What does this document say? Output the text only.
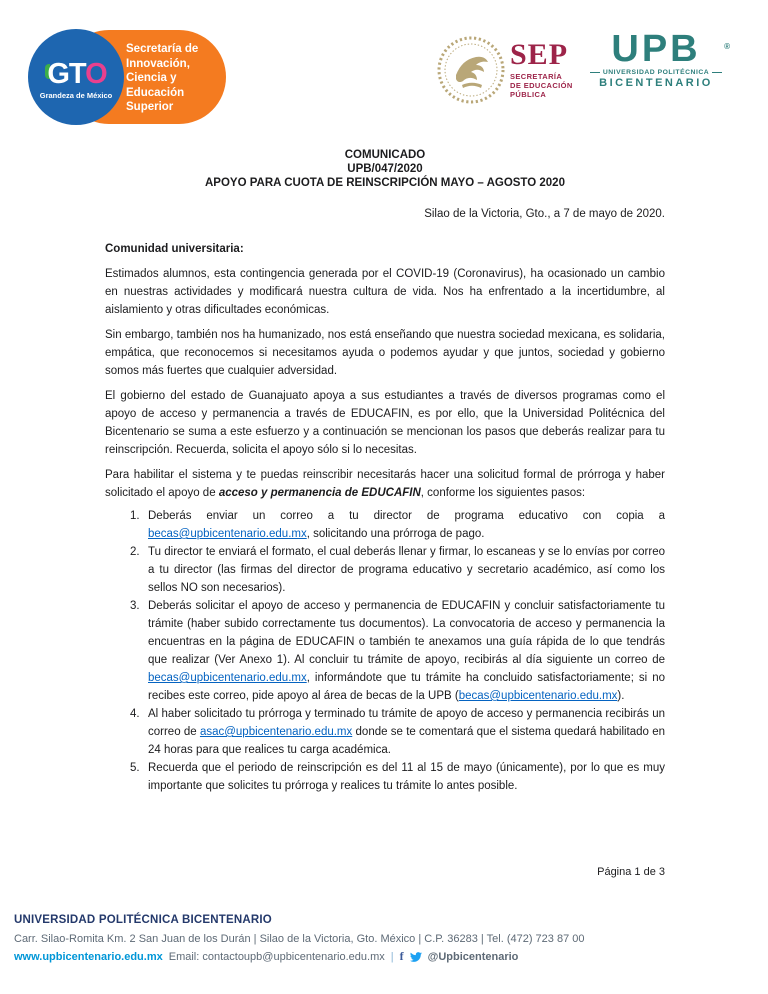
Secretaría de Innovación, Ciencia y Educación Superior
GTO
Grandeza de México
SEP
SECRETARÍA
DE EDUCACIÓN
PÚBLICA
UPB	®
UNIVERSIDAD POLITÉCNICA
BICENTENARIO
COMUNICADO
UPB/047/2020
APOYO PARA CUOTA DE REINSCRIPCIÓN MAYO – AGOSTO 2020
Silao de la Victoria, Gto., a 7 de mayo de 2020.
Comunidad universitaria:

Estimados alumnos, esta contingencia generada por el COVID-19 (Coronavirus), ha ocasionado un cambio en nuestras actividades y modificará nuestra cultura de vida. Nos ha enfrentado a la incertidumbre, al aislamiento y otras dificultades económicas.

Sin embargo, también nos ha humanizado, nos está enseñando que nuestra sociedad mexicana, es solidaria, empática, que reconocemos si necesitamos ayuda o podemos ayudar y que juntos, sociedad y gobierno somos más fuertes que cualquier adversidad.

El gobierno del estado de Guanajuato apoya a sus estudiantes a través de diversos programas como el apoyo de acceso y permanencia a través de EDUCAFIN, es por ello, que la Universidad Politécnica del Bicentenario se suma a este esfuerzo y a continuación se mencionan los pasos que deberás realizar para tu reinscripción. Recuerda, solicita el apoyo sólo si lo necesitas.

Para habilitar el sistema y te puedas reinscribir necesitarás hacer una solicitud formal de prórroga y haber solicitado el apoyo de acceso y permanencia de EDUCAFIN, conforme los siguientes pasos:

1. Deberás enviar un correo a tu director de programa educativo con copia a becas@upbicentenario.edu.mx, solicitando una prórroga de pago.
2. Tu director te enviará el formato, el cual deberás llenar y firmar, lo escaneas y se lo envías por correo a tu director (las firmas del director de programa educativo y secretario académico, así como los sellos NO son necesarios).
3. Deberás solicitar el apoyo de acceso y permanencia de EDUCAFIN y concluir satisfactoriamente tu trámite (haber subido correctamente tus documentos). La convocatoria de acceso y permanencia la encuentras en la página de EDUCAFIN o también te anexamos una guía rápida de lo que tendrás que realizar (Ver Anexo 1). Al concluir tu trámite de apoyo, recibirás al día siguiente un correo de becas@upbicentenario.edu.mx, informándote que tu trámite ha concluido satisfactoriamente; si no recibes este correo, pide apoyo al área de becas de la UPB (becas@upbicentenario.edu.mx).
4. Al haber solicitado tu prórroga y terminado tu trámite de apoyo de acceso y permanencia recibirás un correo de asac@upbicentenario.edu.mx donde se te comentará que el sistema quedará habilitado en 24 horas para que realices tu carga académica.
5. Recuerda que el periodo de reinscripción es del 11 al 15 de mayo (únicamente), por lo que es muy importante que solicites tu prórroga y realices tu trámite lo antes posible.
Página 1 de 3
UNIVERSIDAD POLITÉCNICA BICENTENARIO
Carr. Silao-Romita Km. 2 San Juan de los Durán | Silao de la Victoria, Gto. México | C.P. 36283 | Tel. (472) 723 87 00
www.upbicentenario.edu.mx Email: contactoupb@upbicentenario.edu.mx | f @Upbicentenario
